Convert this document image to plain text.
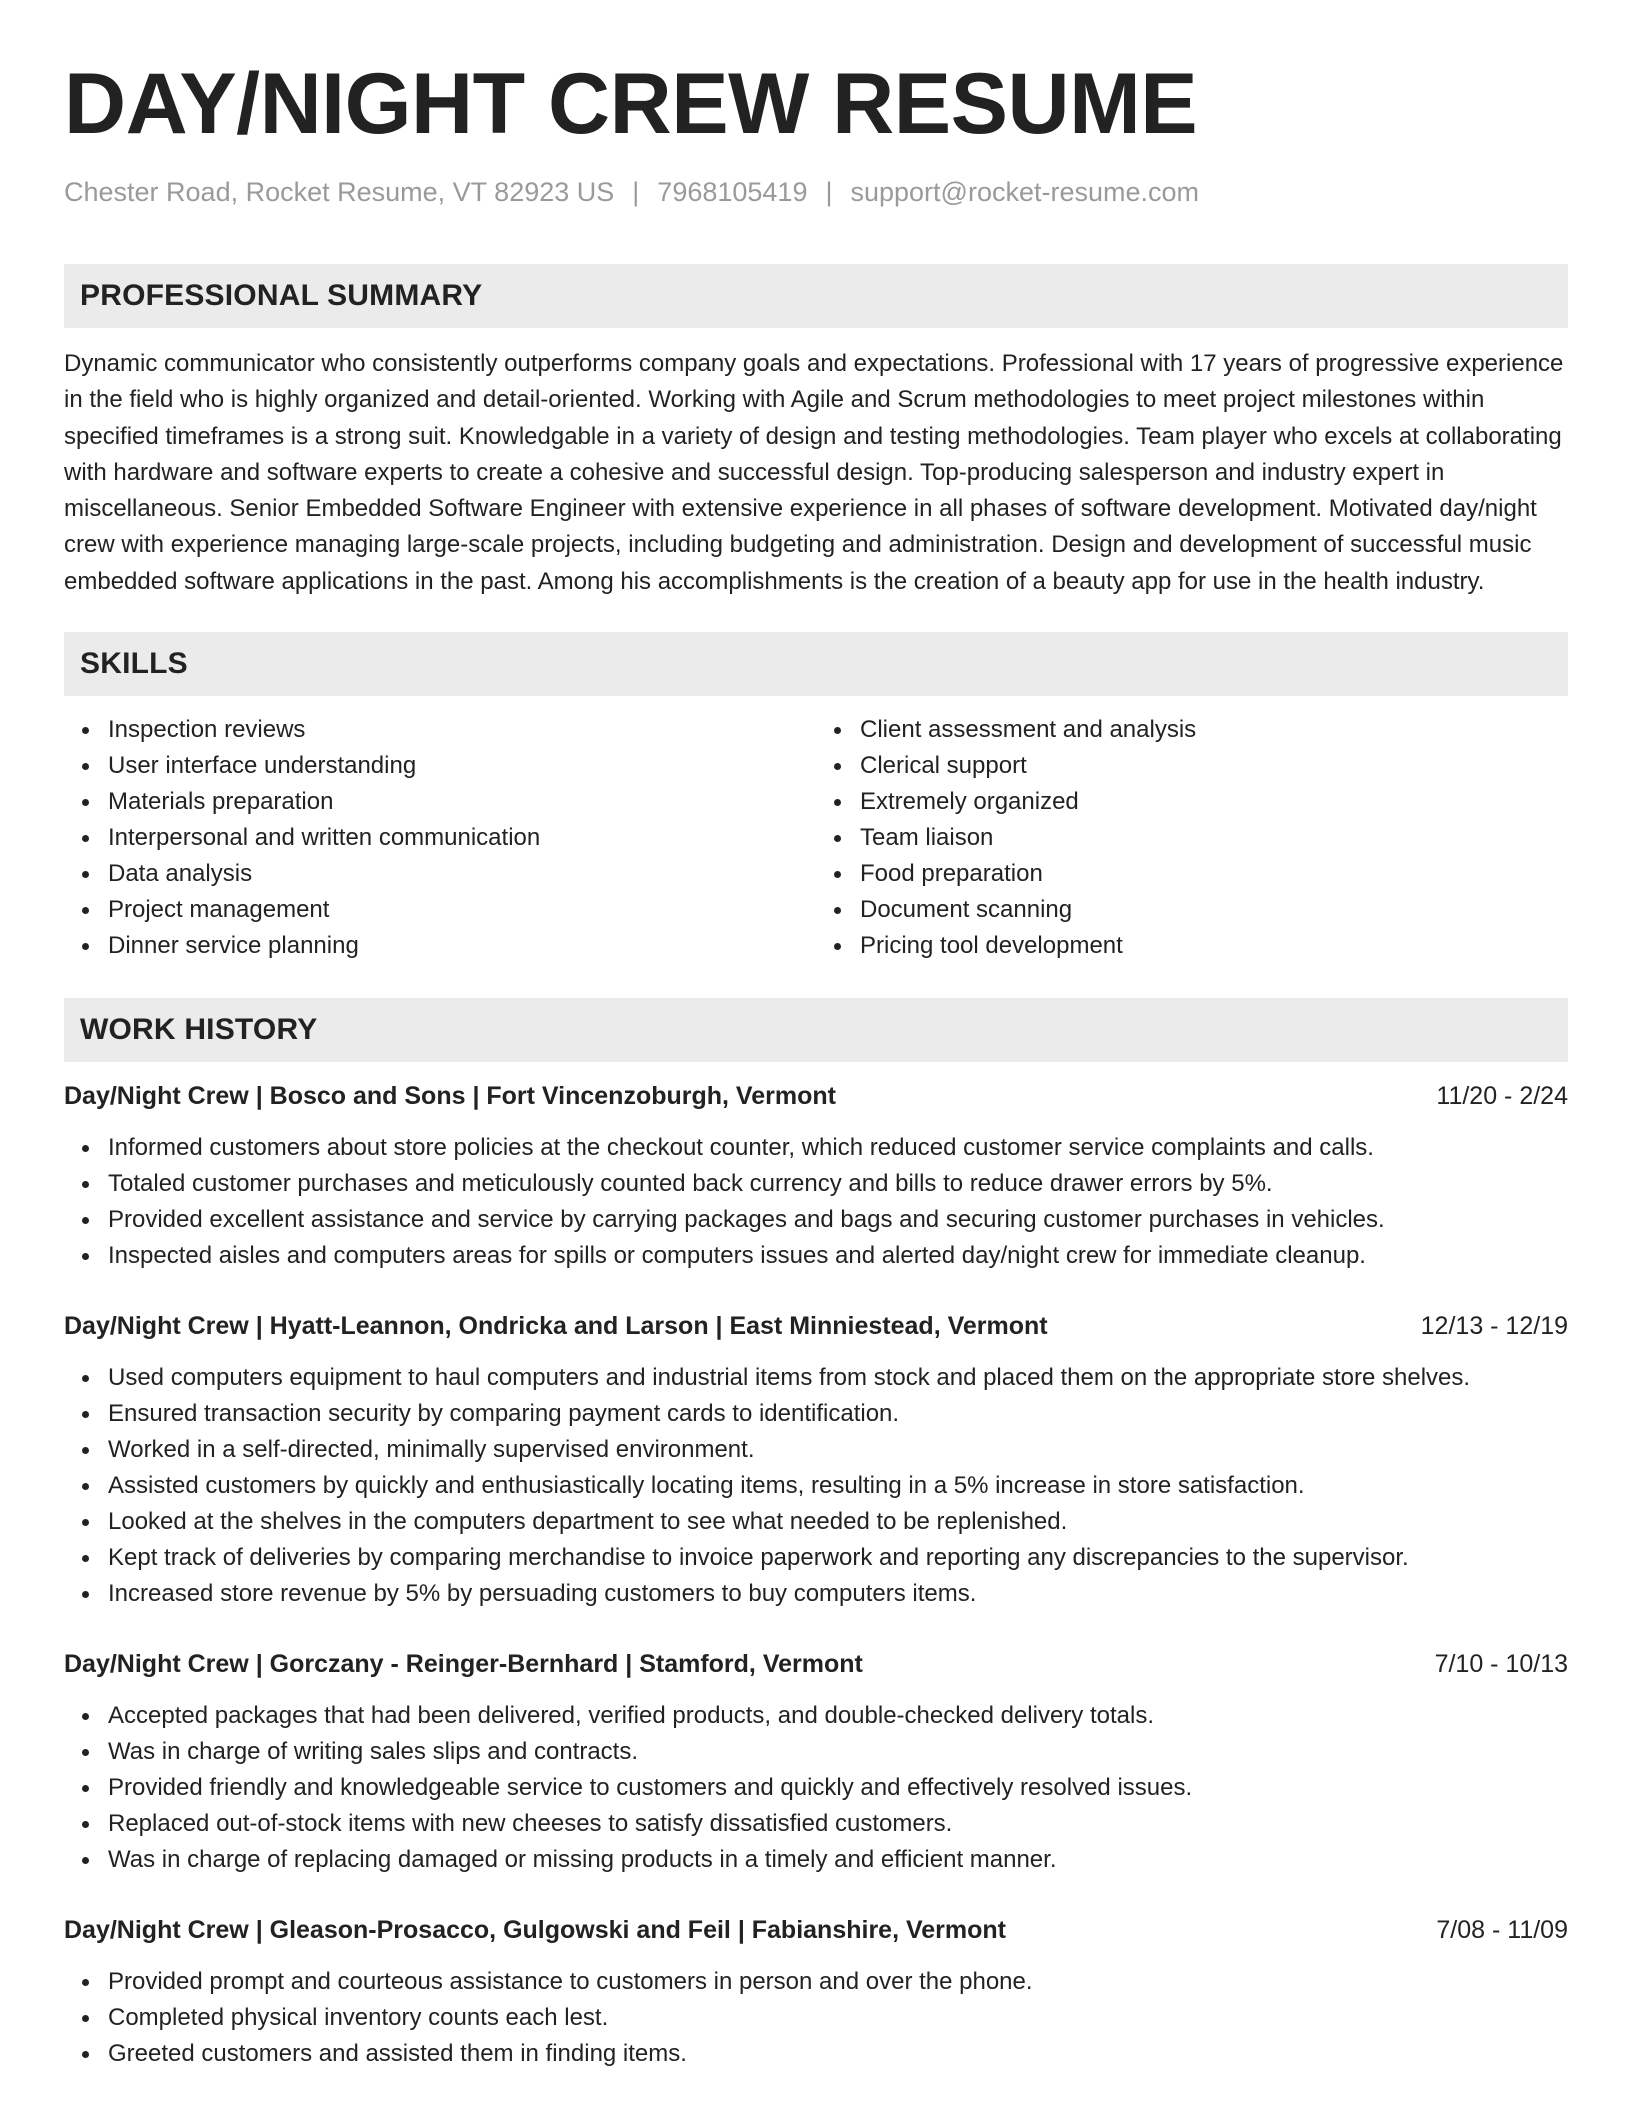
DAY/NIGHT CREW RESUME
Chester Road, Rocket Resume, VT 82923 US | 7968105419 | support@rocket-resume.com
PROFESSIONAL SUMMARY

Dynamic communicator who consistently outperforms company goals and expectations. Professional with 17 years of progressive experience in the field who is highly organized and detail-oriented. Working with Agile and Scrum methodologies to meet project milestones within specified timeframes is a strong suit. Knowledgable in a variety of design and testing methodologies. Team player who excels at collaborating with hardware and software experts to create a cohesive and successful design. Top-producing salesperson and industry expert in miscellaneous. Senior Embedded Software Engineer with extensive experience in all phases of software development. Motivated day/night crew with experience managing large-scale projects, including budgeting and administration. Design and development of successful music embedded software applications in the past. Among his accomplishments is the creation of a beauty app for use in the health industry.

SKILLS
Inspection reviews
User interface understanding
Materials preparation
Interpersonal and written communication
Data analysis
Project management
Dinner service planning
Client assessment and analysis
Clerical support
Extremely organized
Team liaison
Food preparation
Document scanning
Pricing tool development
WORK HISTORY
Day/Night Crew | Bosco and Sons | Fort Vincenzoburgh, Vermont	11/20 - 2/24
Informed customers about store policies at the checkout counter, which reduced customer service complaints and calls.
Totaled customer purchases and meticulously counted back currency and bills to reduce drawer errors by 5%.
Provided excellent assistance and service by carrying packages and bags and securing customer purchases in vehicles.
Inspected aisles and computers areas for spills or computers issues and alerted day/night crew for immediate cleanup.
Day/Night Crew | Hyatt-Leannon, Ondricka and Larson | East Minniestead, Vermont	12/13 - 12/19
Used computers equipment to haul computers and industrial items from stock and placed them on the appropriate store shelves.
Ensured transaction security by comparing payment cards to identification.
Worked in a self-directed, minimally supervised environment.
Assisted customers by quickly and enthusiastically locating items, resulting in a 5% increase in store satisfaction.
Looked at the shelves in the computers department to see what needed to be replenished.
Kept track of deliveries by comparing merchandise to invoice paperwork and reporting any discrepancies to the supervisor.
Increased store revenue by 5% by persuading customers to buy computers items.
Day/Night Crew | Gorczany - Reinger-Bernhard | Stamford, Vermont	7/10 - 10/13
Accepted packages that had been delivered, verified products, and double-checked delivery totals.
Was in charge of writing sales slips and contracts.
Provided friendly and knowledgeable service to customers and quickly and effectively resolved issues.
Replaced out-of-stock items with new cheeses to satisfy dissatisfied customers.
Was in charge of replacing damaged or missing products in a timely and efficient manner.
Day/Night Crew | Gleason-Prosacco, Gulgowski and Feil | Fabianshire, Vermont	7/08 - 11/09
Provided prompt and courteous assistance to customers in person and over the phone.
Completed physical inventory counts each lest.
Greeted customers and assisted them in finding items.
